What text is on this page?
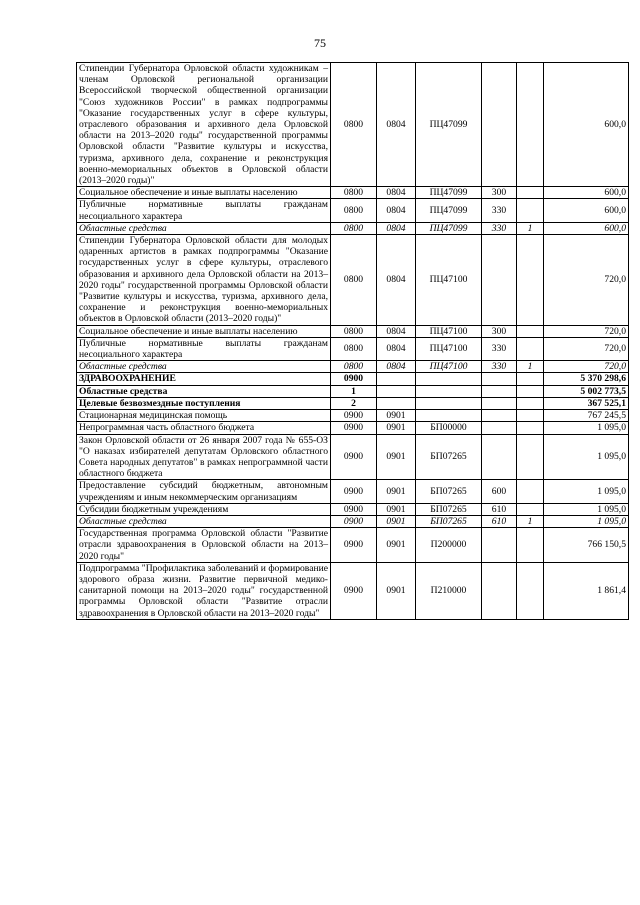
75
Стипендии Губернатора Орловской области художникам – членам Орловской региональной организации Всероссийской творческой общественной организации "Союз художников России" в рамках подпрограммы "Оказание государственных услуг в сфере культуры, отраслевого образования и архивного дела Орловской области на 2013–2020 годы" государственной программы Орловской области "Развитие культуры и искусства, туризма, архивного дела, сохранение и реконструкция военно-мемориальных объектов в Орловской области (2013–2020 годы)"	0800	0804	ПЦ47099			600,0
Социальное обеспечение и иные выплаты населению	0800	0804	ПЦ47099	300		600,0
Публичные нормативные выплаты гражданам несоциального характера	0800	0804	ПЦ47099	330		600,0
Областные средства	0800	0804	ПЦ47099	330	1	600,0
Стипендии Губернатора Орловской области для молодых одаренных артистов в рамках подпрограммы "Оказание государственных услуг в сфере культуры, отраслевого образования и архивного дела Орловской области на 2013–2020 годы" государственной программы Орловской области "Развитие культуры и искусства, туризма, архивного дела, сохранение и реконструкция военно-мемориальных объектов в Орловской области (2013–2020 годы)"	0800	0804	ПЦ47100			720,0
Социальное обеспечение и иные выплаты населению	0800	0804	ПЦ47100	300		720,0
Публичные нормативные выплаты гражданам несоциального характера	0800	0804	ПЦ47100	330		720,0
Областные средства	0800	0804	ПЦ47100	330	1	720,0
ЗДРАВООХРАНЕНИЕ	0900					5 370 298,6
Областные средства	1					5 002 773,5
Целевые безвозмездные поступления	2					367 525,1
Стационарная медицинская помощь	0900	0901				767 245,5
Непрограммная часть областного бюджета	0900	0901	БП00000			1 095,0
Закон Орловской области от 26 января 2007 года № 655-ОЗ "О наказах избирателей депутатам Орловского областного Совета народных депутатов" в рамках непрограммной части областного бюджета	0900	0901	БП07265			1 095,0
Предоставление субсидий бюджетным, автономным учреждениям и иным некоммерческим организациям	0900	0901	БП07265	600		1 095,0
Субсидии бюджетным учреждениям	0900	0901	БП07265	610		1 095,0
Областные средства	0900	0901	БП07265	610	1	1 095,0
Государственная программа Орловской области "Развитие отрасли здравоохранения в Орловской области на 2013–2020 годы"	0900	0901	П200000			766 150,5
Подпрограмма "Профилактика заболеваний и формирование здорового образа жизни. Развитие первичной медико-санитарной помощи на 2013–2020 годы" государственной программы Орловской области "Развитие отрасли здравоохранения в Орловской области на 2013–2020 годы"	0900	0901	П210000			1 861,4
